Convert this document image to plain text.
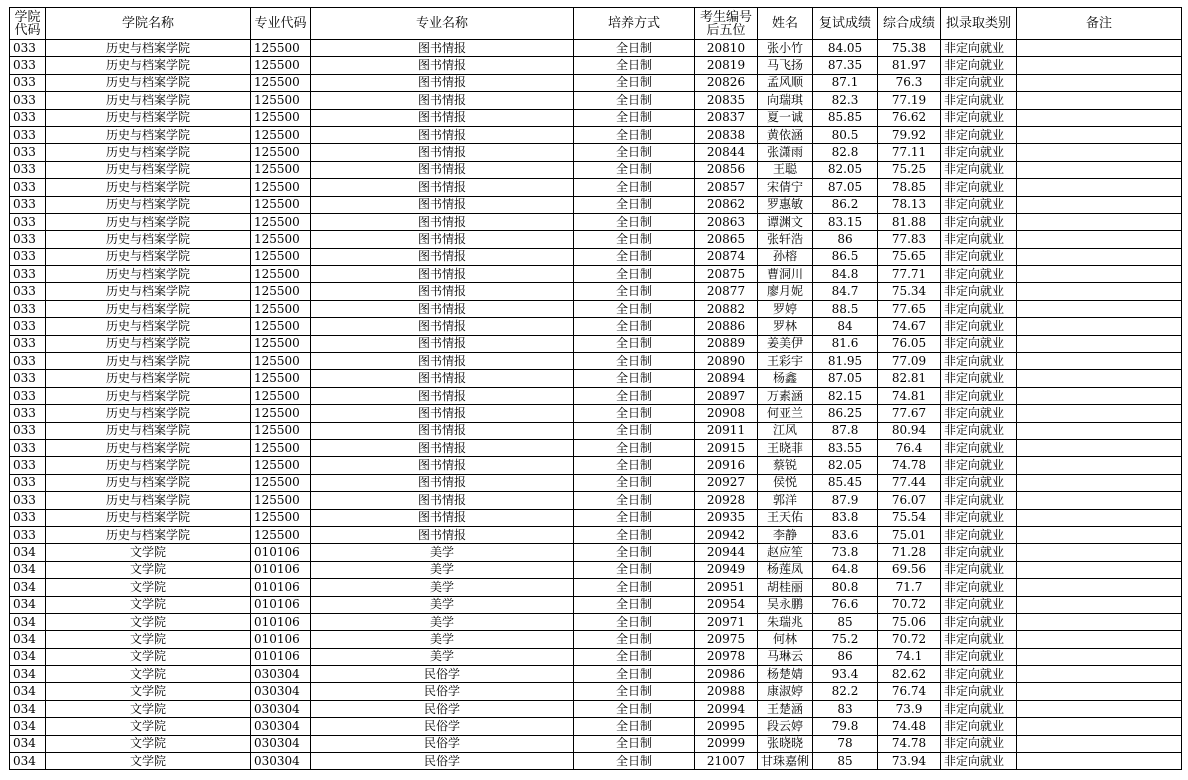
学院代码	学院名称	专业代码	专业名称	培养方式	考生编号后五位	姓名	复试成绩	综合成绩	拟录取类别	备注
033	历史与档案学院	125500	图书情报	全日制	20810	张小竹	84.05	75.38	非定向就业	
033	历史与档案学院	125500	图书情报	全日制	20819	马飞扬	87.35	81.97	非定向就业	
033	历史与档案学院	125500	图书情报	全日制	20826	孟风顺	87.1	76.3	非定向就业	
033	历史与档案学院	125500	图书情报	全日制	20835	向瑞琪	82.3	77.19	非定向就业	
033	历史与档案学院	125500	图书情报	全日制	20837	夏一诚	85.85	76.62	非定向就业	
033	历史与档案学院	125500	图书情报	全日制	20838	黄依涵	80.5	79.92	非定向就业	
033	历史与档案学院	125500	图书情报	全日制	20844	张潇雨	82.8	77.11	非定向就业	
033	历史与档案学院	125500	图书情报	全日制	20856	王聪	82.05	75.25	非定向就业	
033	历史与档案学院	125500	图书情报	全日制	20857	宋倩宁	87.05	78.85	非定向就业	
033	历史与档案学院	125500	图书情报	全日制	20862	罗惠敏	86.2	78.13	非定向就业	
033	历史与档案学院	125500	图书情报	全日制	20863	谭渊文	83.15	81.88	非定向就业	
033	历史与档案学院	125500	图书情报	全日制	20865	张轩浩	86	77.83	非定向就业	
033	历史与档案学院	125500	图书情报	全日制	20874	孙榕	86.5	75.65	非定向就业	
033	历史与档案学院	125500	图书情报	全日制	20875	曹洞川	84.8	77.71	非定向就业	
033	历史与档案学院	125500	图书情报	全日制	20877	廖月妮	84.7	75.34	非定向就业	
033	历史与档案学院	125500	图书情报	全日制	20882	罗婷	88.5	77.65	非定向就业	
033	历史与档案学院	125500	图书情报	全日制	20886	罗林	84	74.67	非定向就业	
033	历史与档案学院	125500	图书情报	全日制	20889	姜美伊	81.6	76.05	非定向就业	
033	历史与档案学院	125500	图书情报	全日制	20890	王彩宇	81.95	77.09	非定向就业	
033	历史与档案学院	125500	图书情报	全日制	20894	杨鑫	87.05	82.81	非定向就业	
033	历史与档案学院	125500	图书情报	全日制	20897	万素涵	82.15	74.81	非定向就业	
033	历史与档案学院	125500	图书情报	全日制	20908	何亚兰	86.25	77.67	非定向就业	
033	历史与档案学院	125500	图书情报	全日制	20911	江风	87.8	80.94	非定向就业	
033	历史与档案学院	125500	图书情报	全日制	20915	王晓菲	83.55	76.4	非定向就业	
033	历史与档案学院	125500	图书情报	全日制	20916	蔡锐	82.05	74.78	非定向就业	
033	历史与档案学院	125500	图书情报	全日制	20927	侯悦	85.45	77.44	非定向就业	
033	历史与档案学院	125500	图书情报	全日制	20928	郭洋	87.9	76.07	非定向就业	
033	历史与档案学院	125500	图书情报	全日制	20935	王天佑	83.8	75.54	非定向就业	
033	历史与档案学院	125500	图书情报	全日制	20942	李静	83.6	75.01	非定向就业	
034	文学院	010106	美学	全日制	20944	赵应笙	73.8	71.28	非定向就业	
034	文学院	010106	美学	全日制	20949	杨莲凤	64.8	69.56	非定向就业	
034	文学院	010106	美学	全日制	20951	胡桂丽	80.8	71.7	非定向就业	
034	文学院	010106	美学	全日制	20954	吴永鹏	76.6	70.72	非定向就业	
034	文学院	010106	美学	全日制	20971	朱瑞兆	85	75.06	非定向就业	
034	文学院	010106	美学	全日制	20975	何林	75.2	70.72	非定向就业	
034	文学院	010106	美学	全日制	20978	马琳云	86	74.1	非定向就业	
034	文学院	030304	民俗学	全日制	20986	杨楚婧	93.4	82.62	非定向就业	
034	文学院	030304	民俗学	全日制	20988	康淑婷	82.2	76.74	非定向就业	
034	文学院	030304	民俗学	全日制	20994	王楚涵	83	73.9	非定向就业	
034	文学院	030304	民俗学	全日制	20995	段云婷	79.8	74.48	非定向就业	
034	文学院	030304	民俗学	全日制	20999	张晓晓	78	74.78	非定向就业	
034	文学院	030304	民俗学	全日制	21007	甘珠嘉俐	85	73.94	非定向就业	
